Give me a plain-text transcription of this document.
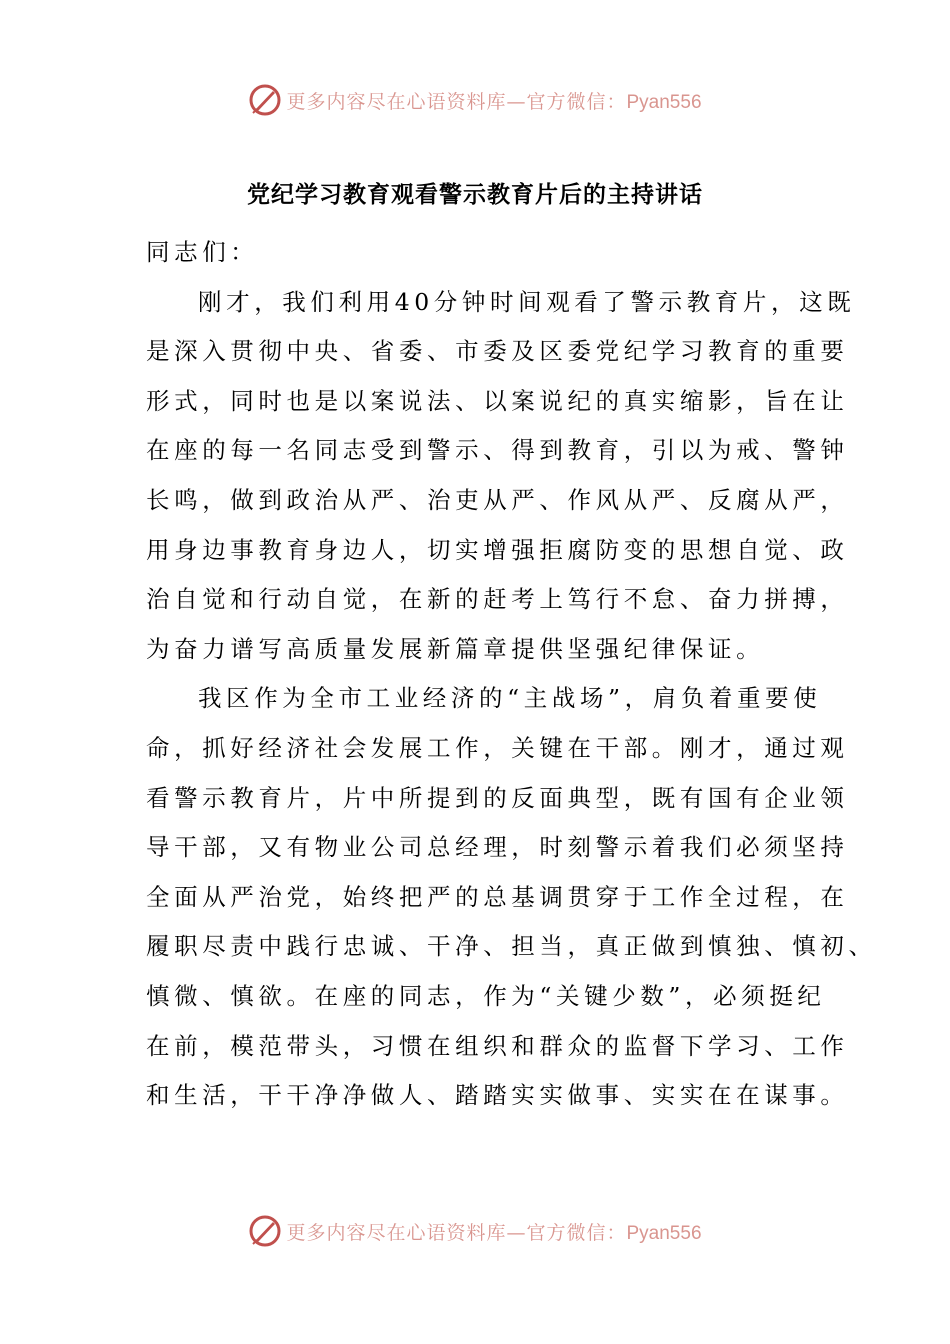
更多内容尽在心语资料库—官方微信：Pyan556
党纪学习教育观看警示教育片后的主持讲话

同志们：

刚才，我们利用40分钟时间观看了警示教育片，这既
是深入贯彻中央、省委、市委及区委党纪学习教育的重要
形式，同时也是以案说法、以案说纪的真实缩影，旨在让
在座的每一名同志受到警示、得到教育，引以为戒、警钟
长鸣，做到政治从严、治吏从严、作风从严、反腐从严，
用身边事教育身边人，切实增强拒腐防变的思想自觉、政
治自觉和行动自觉，在新的赶考上笃行不怠、奋力拼搏，
为奋力谱写高质量发展新篇章提供坚强纪律保证。

我区作为全市工业经济的“主战场”，肩负着重要使
命，抓好经济社会发展工作，关键在干部。刚才，通过观
看警示教育片，片中所提到的反面典型，既有国有企业领
导干部，又有物业公司总经理，时刻警示着我们必须坚持
全面从严治党，始终把严的总基调贯穿于工作全过程，在
履职尽责中践行忠诚、干净、担当，真正做到慎独、慎初、
慎微、慎欲。在座的同志，作为“关键少数”，必须挺纪
在前，模范带头，习惯在组织和群众的监督下学习、工作
和生活，干干净净做人、踏踏实实做事、实实在在谋事。

更多内容尽在心语资料库—官方微信：Pyan556
